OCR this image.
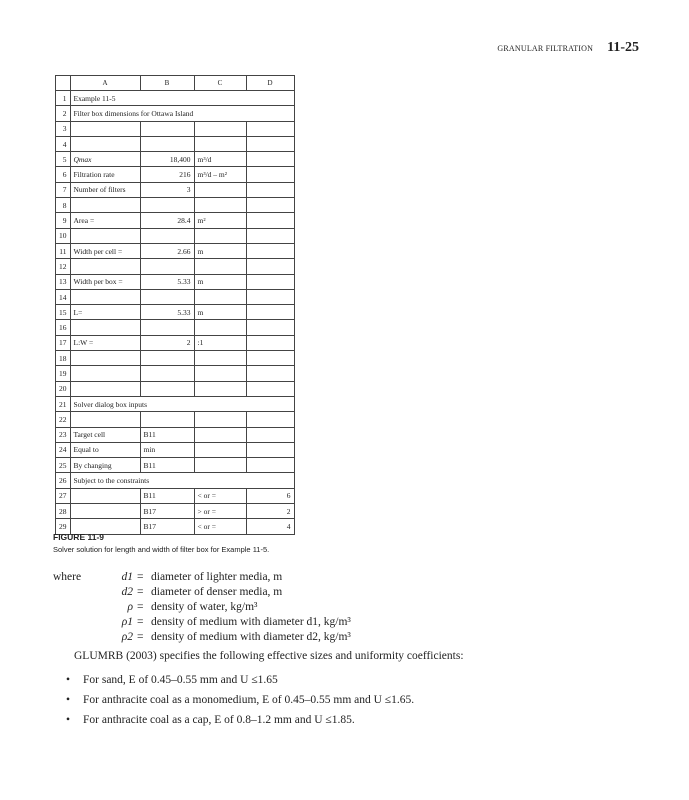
GRANULAR FILTRATION 11-25
	A	B	C	D
1	Example 11-5			
2	Filter box dimensions for Ottawa Island			
3				
4				
5	Qmax	18,400	m³/d	
6	Filtration rate	216	m³/d – m²	
7	Number of filters	3		
8				
9	Area =	28.4	m²	
10				
11	Width per cell =	2.66	m	
12				
13	Width per box =	5.33	m	
14				
15	L=	5.33	m	
16				
17	L:W =	2	:1	
18				
19				
20				
21	Solver dialog box inputs			
22				
23	Target cell	B11		
24	Equal to	min		
25	By changing	B11		
26	Subject to the constraints			
27		B11	< or =	6
28		B17	> or =	2
29		B17	< or =	4
FIGURE 11-9
Solver solution for length and width of filter box for Example 11-5.
where	d1 = diameter of lighter media, m
d2 = diameter of denser media, m
ρ = density of water, kg/m³
ρ1 = density of medium with diameter d1, kg/m³
ρ2 = density of medium with diameter d2, kg/m³
GLUMRB (2003) specifies the following effective sizes and uniformity coefficients:
•	For sand, E of 0.45–0.55 mm and U ≤1.65
•	For anthracite coal as a monomedium, E of 0.45–0.55 mm and U ≤1.65.
•	For anthracite coal as a cap, E of 0.8–1.2 mm and U ≤1.85.
